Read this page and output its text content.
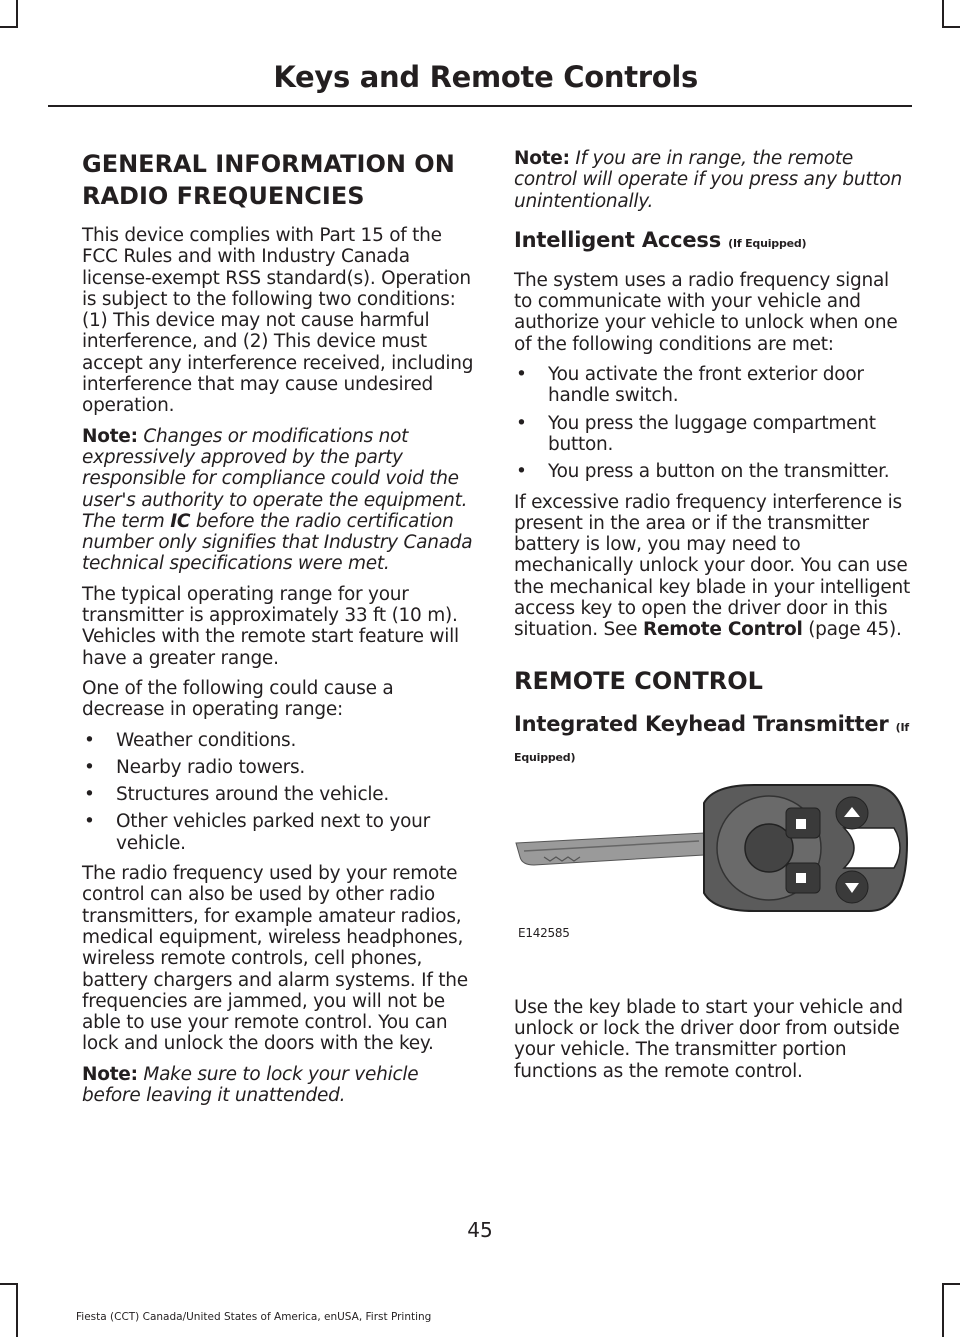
Keys and Remote Controls
GENERAL INFORMATION ON
RADIO FREQUENCIES

This device complies with Part 15 of the FCC Rules and with Industry Canada license-exempt RSS standard(s). Operation is subject to the following two conditions: (1) This device may not cause harmful interference, and (2) This device must accept any interference received, including interference that may cause undesired operation.

Note: Changes or modifications not expressively approved by the party responsible for compliance could void the user's authority to operate the equipment. The term IC before the radio certification number only signifies that Industry Canada technical specifications were met.

The typical operating range for your transmitter is approximately 33 ft (10 m). Vehicles with the remote start feature will have a greater range.

One of the following could cause a decrease in operating range:

• Weather conditions.
• Nearby radio towers.
• Structures around the vehicle.
• Other vehicles parked next to your vehicle.

The radio frequency used by your remote control can also be used by other radio transmitters, for example amateur radios, medical equipment, wireless headphones, wireless remote controls, cell phones, battery chargers and alarm systems. If the frequencies are jammed, you will not be able to use your remote control. You can lock and unlock the doors with the key.

Note: Make sure to lock your vehicle before leaving it unattended.

Note: If you are in range, the remote control will operate if you press any button unintentionally.

Intelligent Access (If Equipped)

The system uses a radio frequency signal to communicate with your vehicle and authorize your vehicle to unlock when one of the following conditions are met:

• You activate the front exterior door handle switch.
• You press the luggage compartment button.
• You press a button on the transmitter.

If excessive radio frequency interference is present in the area or if the transmitter battery is low, you may need to mechanically unlock your door. You can use the mechanical key blade in your intelligent access key to open the driver door in this situation. See Remote Control (page 45).

REMOTE CONTROL
Integrated Keyhead Transmitter (If Equipped)
E142585

Use the key blade to start your vehicle and unlock or lock the driver door from outside your vehicle. The transmitter portion functions as the remote control.

45
Fiesta (CCT) Canada/United States of America, enUSA, First Printing
